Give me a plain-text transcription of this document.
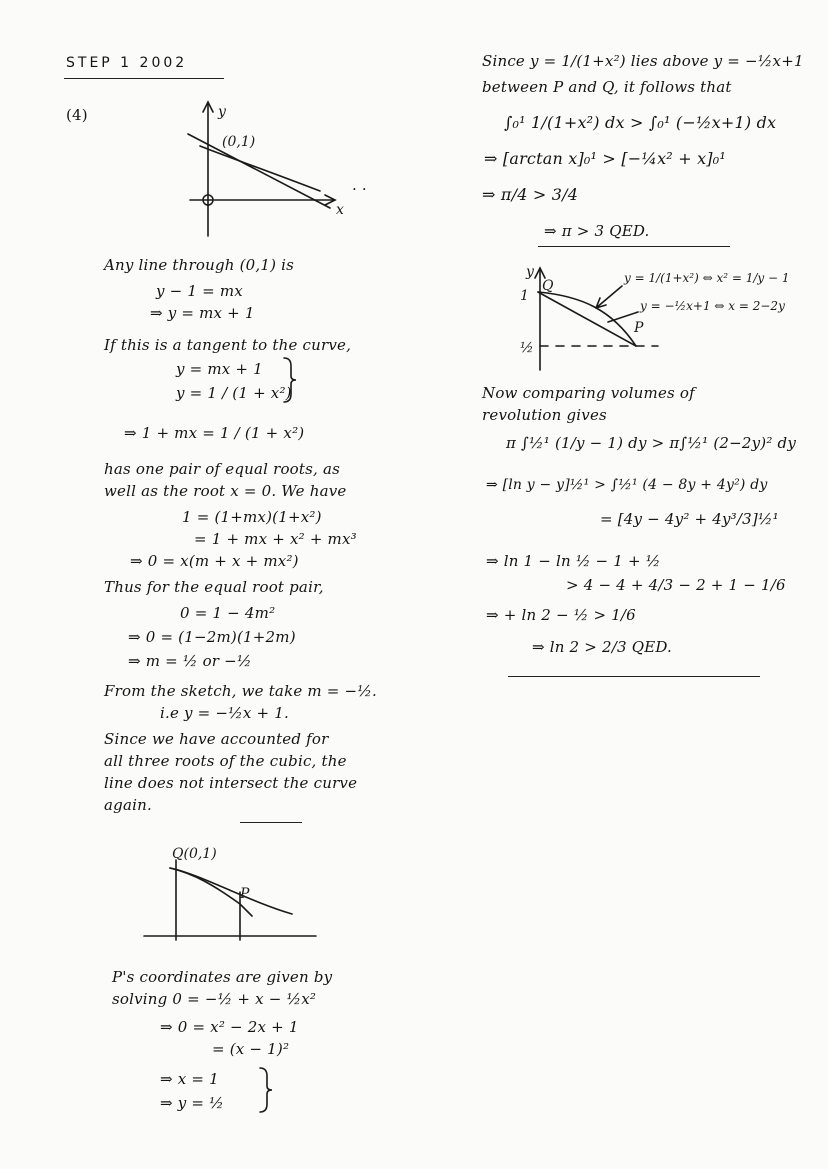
STEP 1 2002
(4)	y
x
(0,1)
. .
Any line through (0,1) is
y − 1 = mx
⇒ y = mx + 1
If this is a tangent to the curve,
y = mx + 1
y = 1 / (1 + x²)
⇒ 1 + mx = 1 / (1 + x²)
has one pair of equal roots, as
well as the root x = 0. We have
1 = (1+mx)(1+x²)
= 1 + mx + x² + mx³
⇒ 0 = x(m + x + mx²)
Thus for the equal root pair,
0 = 1 − 4m²
⇒ 0 = (1−2m)(1+2m)
⇒ m = ½ or −½
From the sketch, we take m = −½.
i.e y = −½x + 1.
Since we have accounted for
all three roots of the cubic, the
line does not intersect the curve
again.
Q(0,1)
P
P's coordinates are given by
solving 0 = −½ + x − ½x²
⇒ 0 = x² − 2x + 1
= (x − 1)²
⇒ x = 1
⇒ y = ½
Since y = 1/(1+x²) lies above y = −½x+1
between P and Q, it follows that
∫₀¹ 1/(1+x²) dx > ∫₀¹ (−½x+1) dx
⇒ [arctan x]₀¹ > [−¼x² + x]₀¹
⇒ π/4 > 3/4
⇒ π > 3 QED.
y
Q
1
½
P
y = 1/(1+x²) ⇔ x² = 1/y − 1
y = −½x+1 ⇔ x = 2−2y
Now comparing volumes of
revolution gives
π ∫½¹ (1/y − 1) dy > π∫½¹ (2−2y)² dy
⇒ [ln y − y]½¹ > ∫½¹ (4 − 8y + 4y²) dy
= [4y − 4y² + 4y³/3]½¹
⇒ ln 1 − ln ½ − 1 + ½
> 4 − 4 + 4/3 − 2 + 1 − 1/6
⇒ + ln 2 − ½ > 1/6
⇒ ln 2 > 2/3 QED.
